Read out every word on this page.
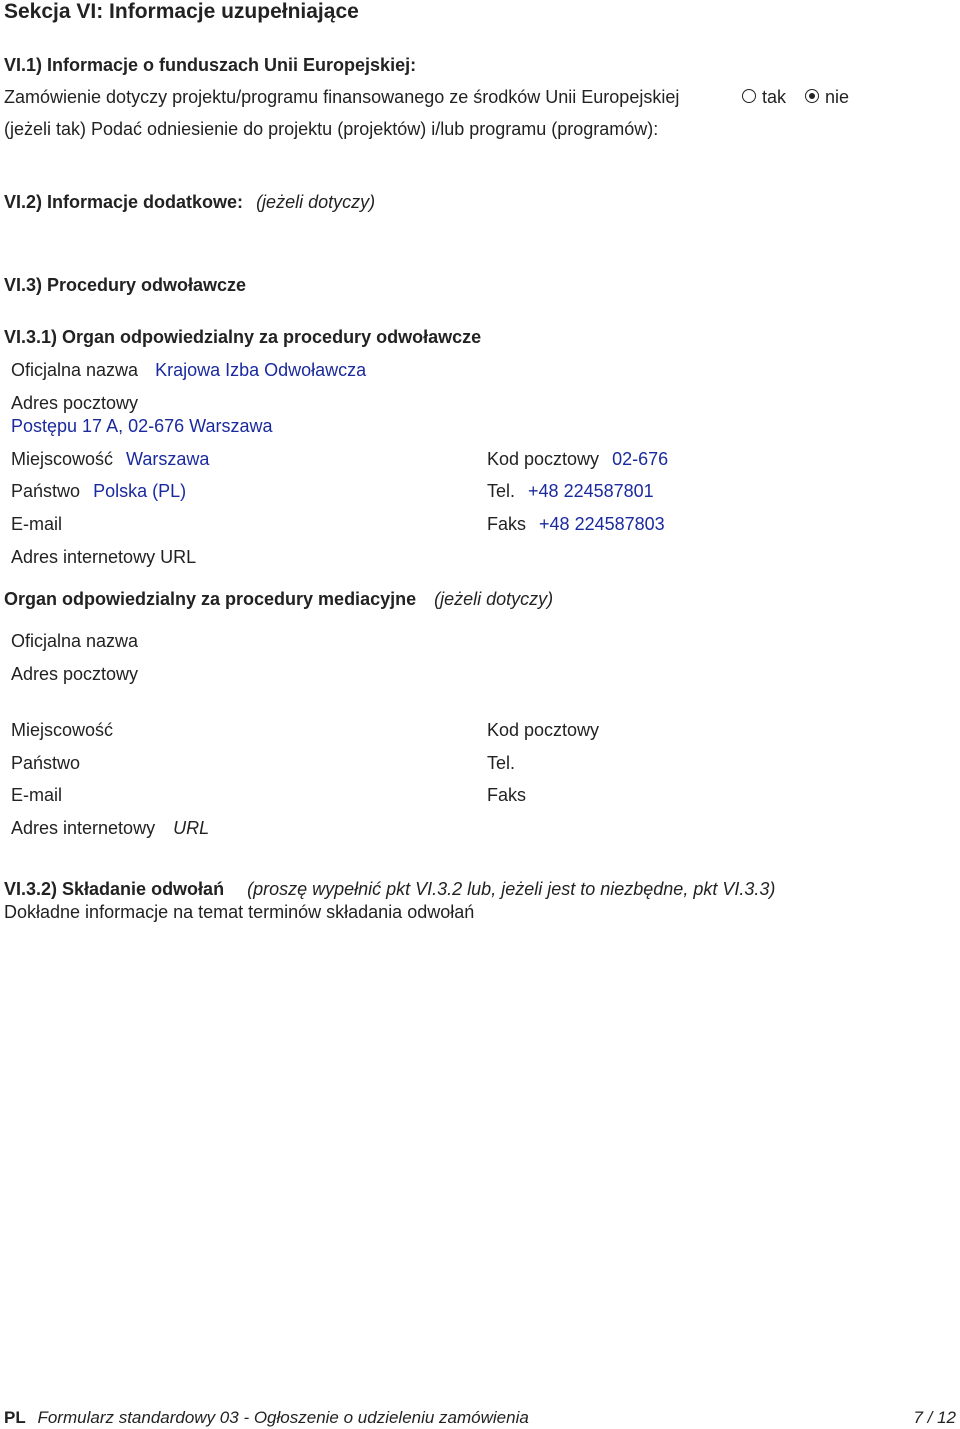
Sekcja VI: Informacje uzupełniające
VI.1) Informacje o funduszach Unii Europejskiej:
Zamówienie dotyczy projektu/programu finansowanego ze środków Unii Europejskiej	tak nie
(jeżeli tak) Podać odniesienie do projektu (projektów) i/lub programu (programów):
VI.2) Informacje dodatkowe: (jeżeli dotyczy)
VI.3) Procedury odwoławcze
VI.3.1) Organ odpowiedzialny za procedury odwoławcze
Oficjalna nazwa Krajowa Izba Odwoławcza
Adres pocztowy
Postępu 17 A, 02-676 Warszawa
Miejscowość Warszawa	Kod pocztowy 02-676
Państwo Polska (PL)	Tel. +48 224587801
E-mail	Faks +48 224587803
Adres internetowy URL
Organ odpowiedzialny za procedury mediacyjne (jeżeli dotyczy)
Oficjalna nazwa
Adres pocztowy
Miejscowość	Kod pocztowy
Państwo	Tel.
E-mail	Faks
Adres internetowy URL
VI.3.2) Składanie odwołań (proszę wypełnić pkt VI.3.2 lub, jeżeli jest to niezbędne, pkt VI.3.3)
Dokładne informacje na temat terminów składania odwołań
PL Formularz standardowy 03 - Ogłoszenie o udzieleniu zamówienia	7 / 12
